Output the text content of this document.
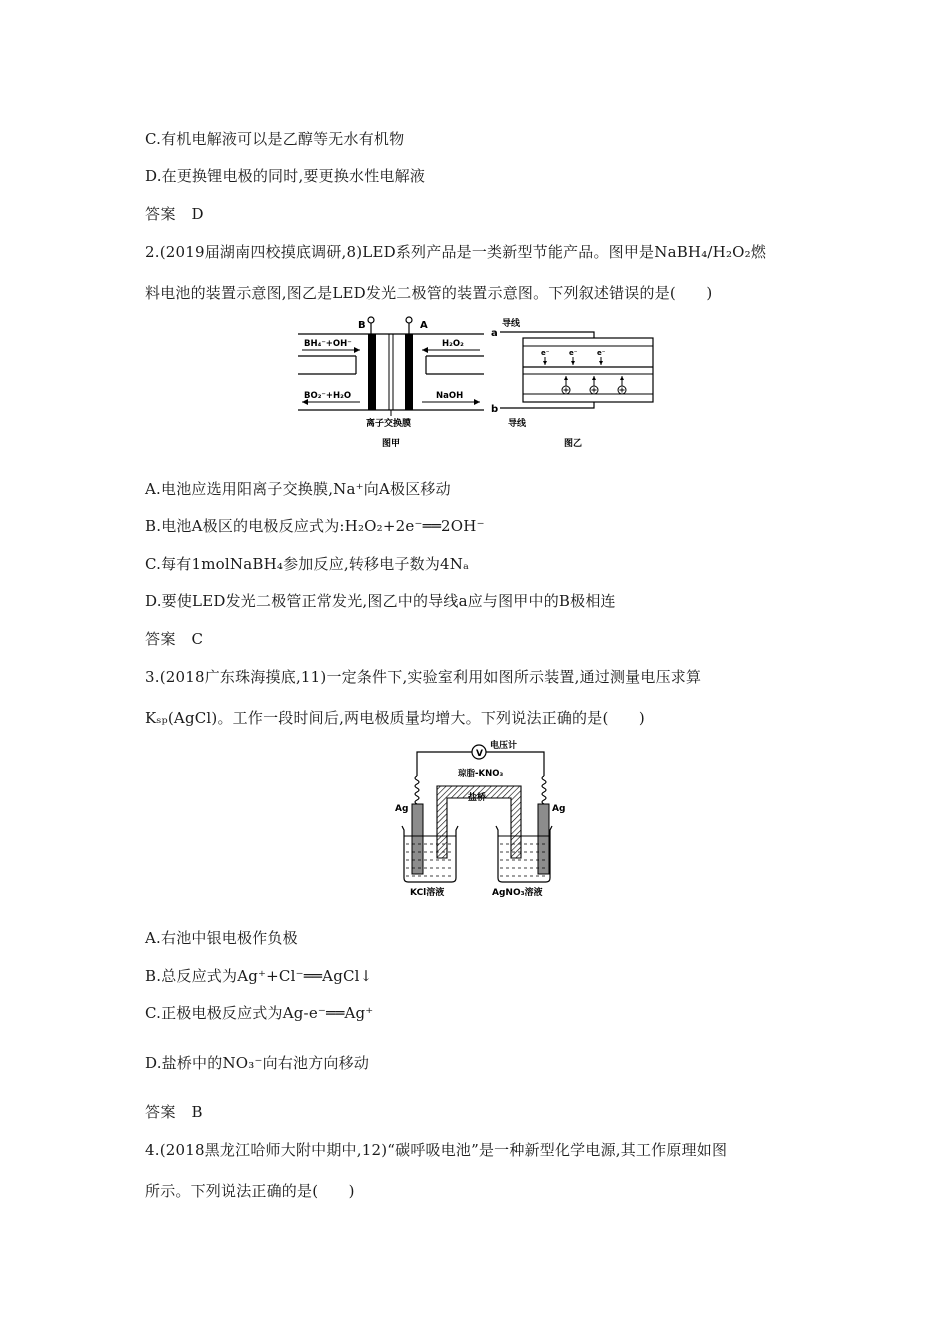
C.有机电解液可以是乙醇等无水有机物
D.在更换锂电极的同时,要更换水性电解液
答案　D
2.(2019届湖南四校摸底调研,8)LED系列产品是一类新型节能产品。图甲是NaBH₄/H₂O₂燃
料电池的装置示意图,图乙是LED发光二极管的装置示意图。下列叙述错误的是(　　)
B	A
BH₄⁻+OH⁻	H₂O₂
BO₂⁻+H₂O	NaOH
离子交换膜
图甲
a
b
导线
导线
e⁻	e⁻	e⁻
图乙
A.电池应选用阳离子交换膜,Na⁺向A极区移动
B.电池A极区的电极反应式为:H₂O₂+2e⁻══2OH⁻
C.每有1molNaBH₄参加反应,转移电子数为4Nₐ
D.要使LED发光二极管正常发光,图乙中的导线a应与图甲中的B极相连
答案　C
3.(2018广东珠海摸底,11)一定条件下,实验室利用如图所示装置,通过测量电压求算
Kₛₚ(AgCl)。工作一段时间后,两电极质量均增大。下列说法正确的是(　　)
V
电压计
琼脂-KNO₃
Ag	Ag
KCl溶液	AgNO₃溶液
A.右池中银电极作负极
B.总反应式为Ag⁺+Cl⁻══AgCl↓
C.正极电极反应式为Ag-e⁻══Ag⁺
D.盐桥中的NO₃⁻向右池方向移动
答案　B
4.(2018黑龙江哈师大附中期中,12)“碳呼吸电池”是一种新型化学电源,其工作原理如图
所示。下列说法正确的是(　　)
